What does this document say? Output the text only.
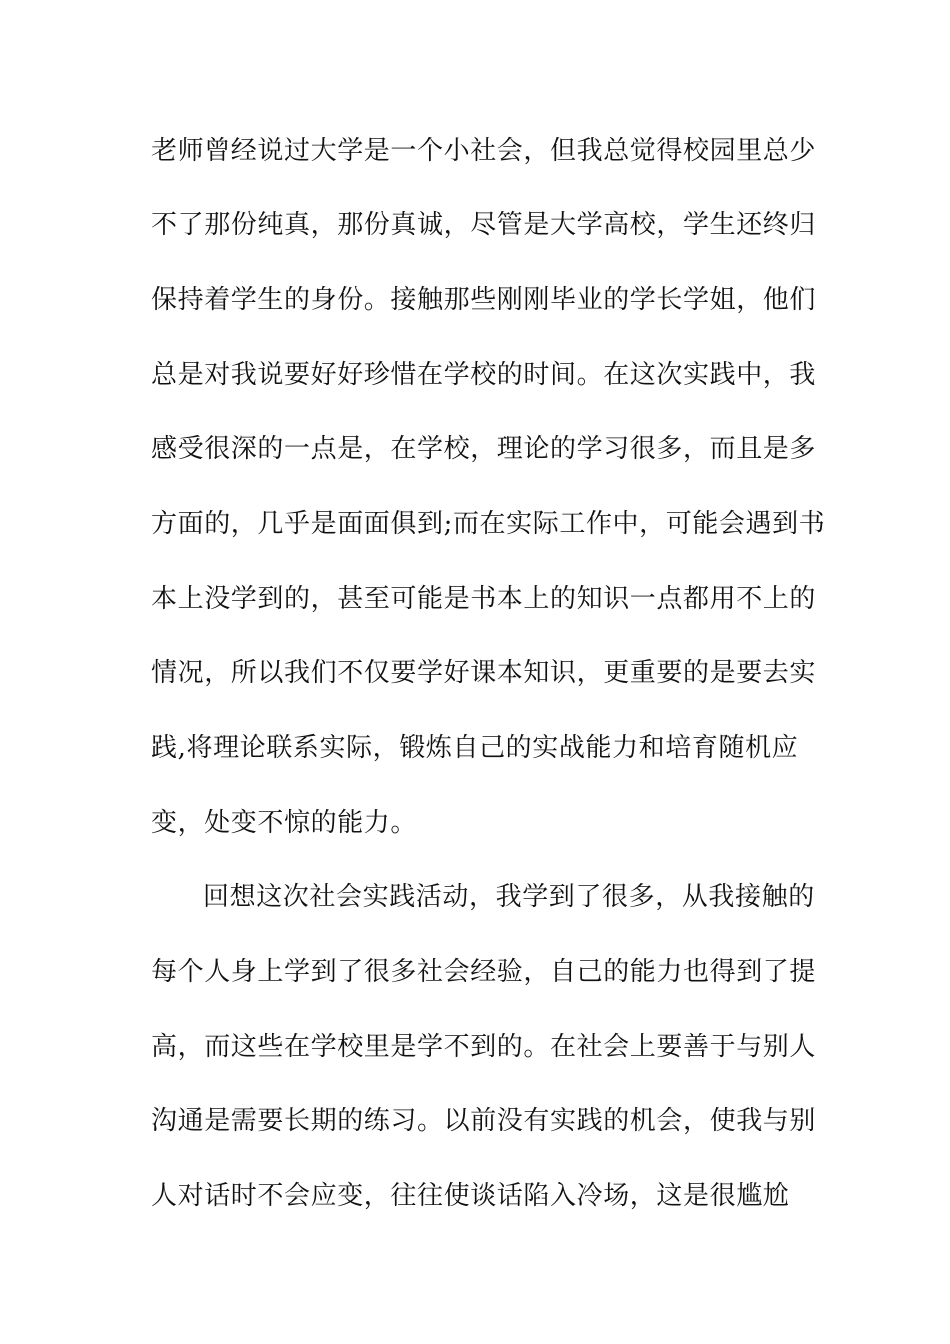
老师曾经说过大学是一个小社会，但我总觉得校园里总少
不了那份纯真，那份真诚，尽管是大学高校，学生还终归
保持着学生的身份。接触那些刚刚毕业的学长学姐，他们
总是对我说要好好珍惜在学校的时间。在这次实践中，我
感受很深的一点是，在学校，理论的学习很多，而且是多
方面的，几乎是面面俱到;而在实际工作中，可能会遇到书
本上没学到的，甚至可能是书本上的知识一点都用不上的
情况，所以我们不仅要学好课本知识，更重要的是要去实
践,将理论联系实际，锻炼自己的实战能力和培育随机应
变，处变不惊的能力。
回想这次社会实践活动，我学到了很多，从我接触的
每个人身上学到了很多社会经验，自己的能力也得到了提
高，而这些在学校里是学不到的。在社会上要善于与别人
沟通是需要长期的练习。以前没有实践的机会，使我与别
人对话时不会应变，往往使谈话陷入冷场，这是很尴尬
